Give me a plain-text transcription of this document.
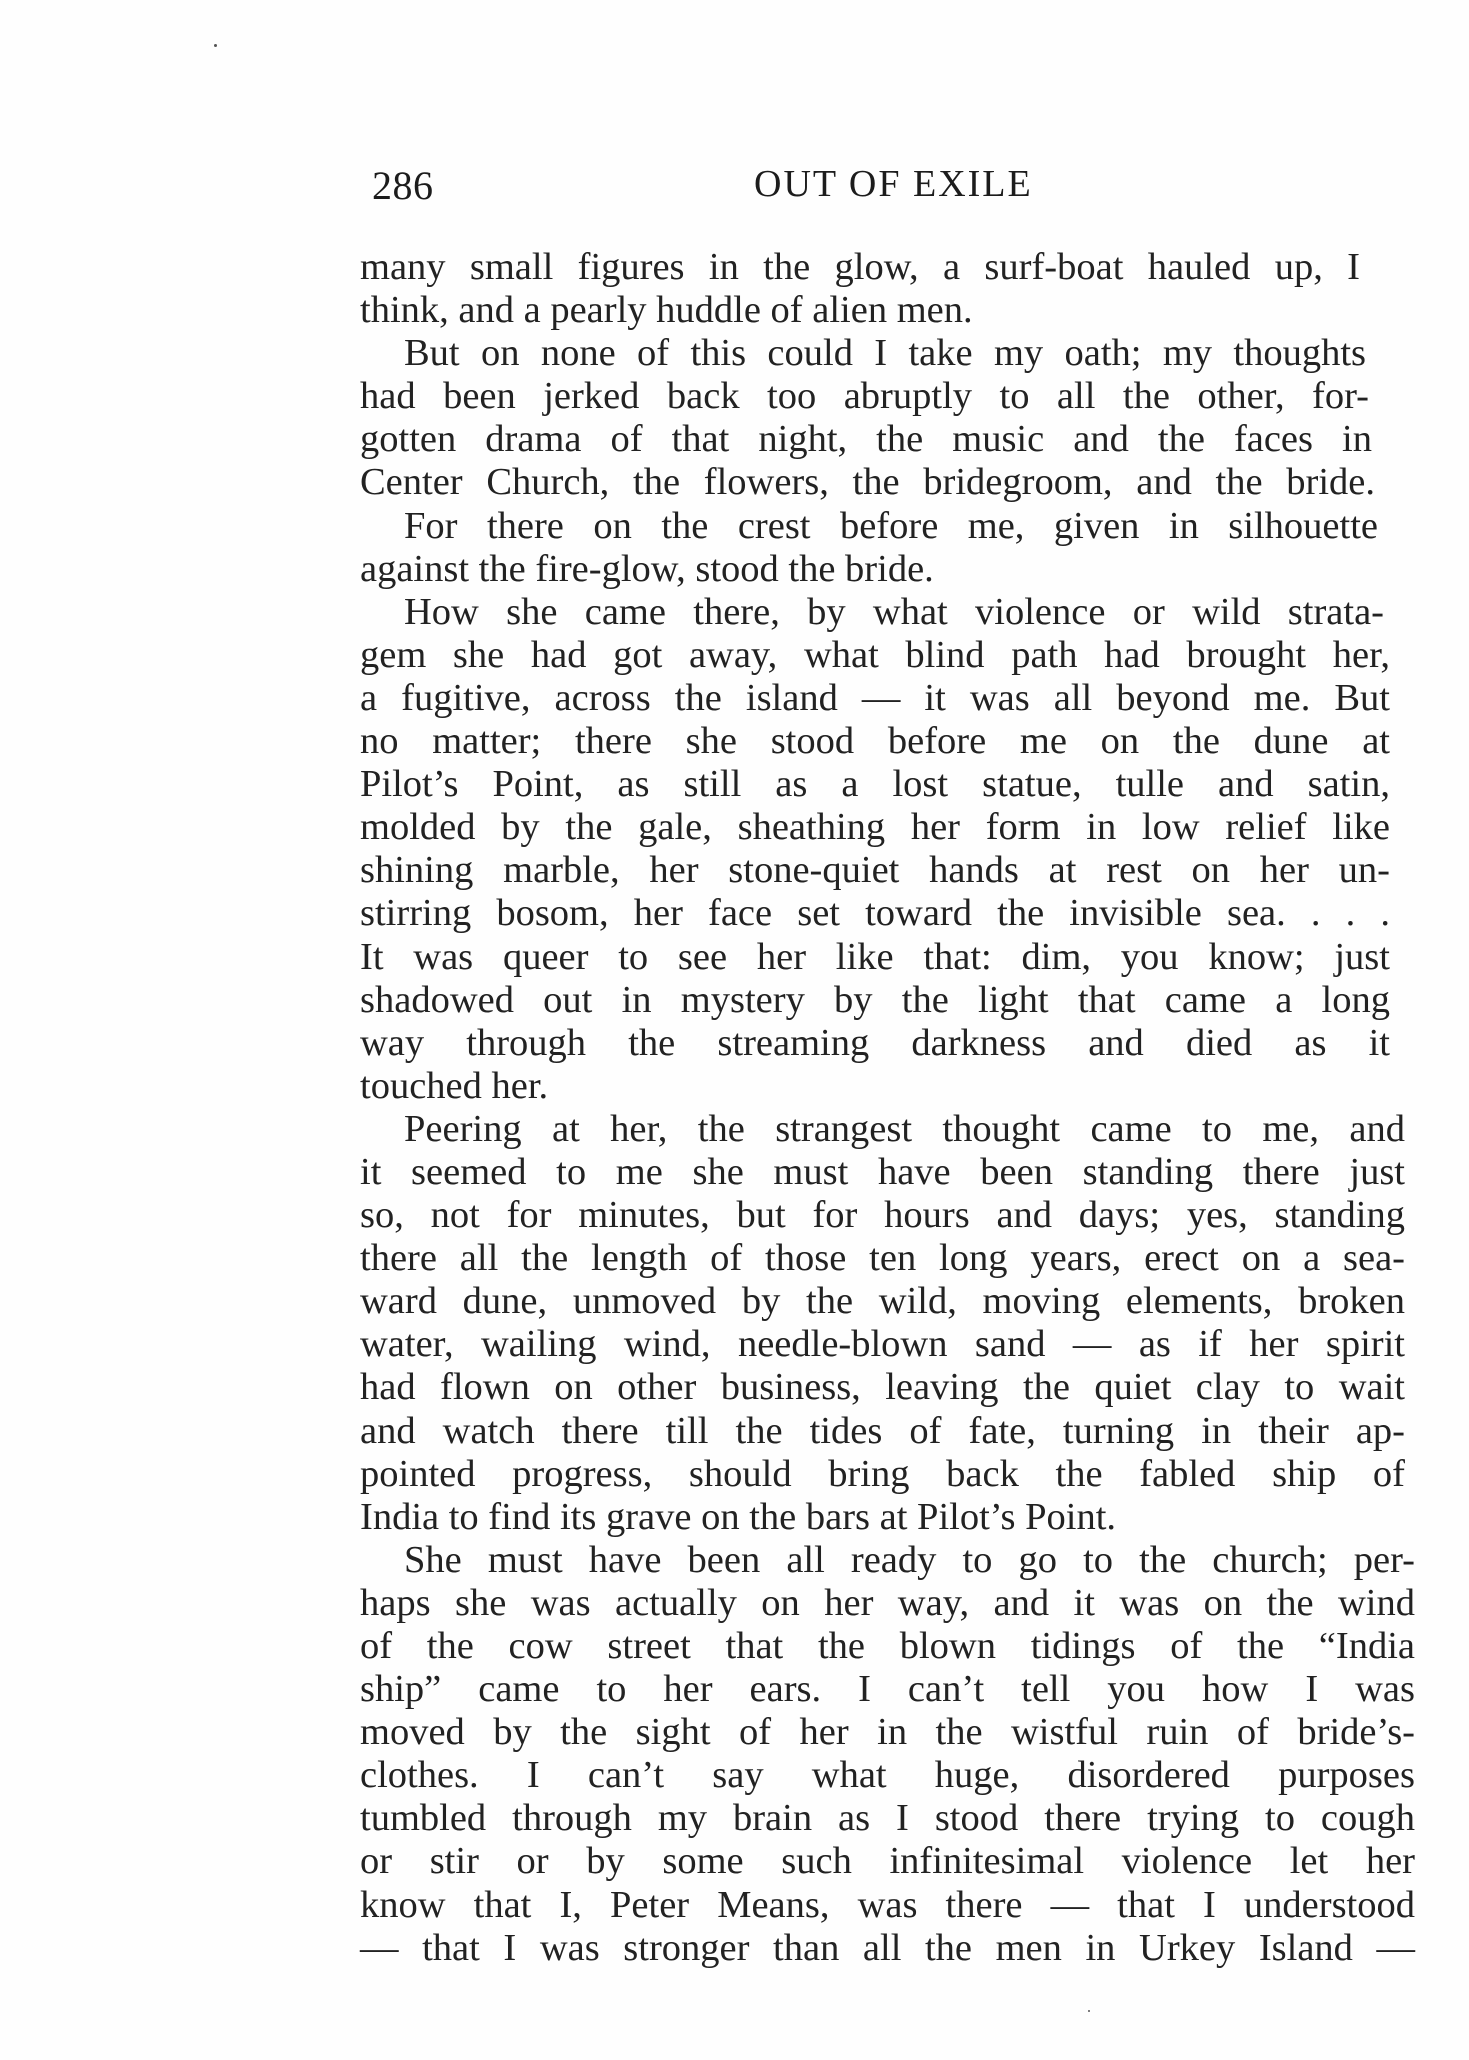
286	OUT OF EXILE
many small figures in the glow, a surf-boat hauled up, I
think, and a pearly huddle of alien men.
But on none of this could I take my oath; my thoughts
had been jerked back too abruptly to all the other, for-
gotten drama of that night, the music and the faces in
Center Church, the flowers, the bridegroom, and the bride.
For there on the crest before me, given in silhouette
against the fire-glow, stood the bride.
How she came there, by what violence or wild strata-
gem she had got away, what blind path had brought her,
a fugitive, across the island — it was all beyond me. But
no matter; there she stood before me on the dune at
Pilot’s Point, as still as a lost statue, tulle and satin,
molded by the gale, sheathing her form in low relief like
shining marble, her stone-quiet hands at rest on her un-
stirring bosom, her face set toward the invisible sea. . . .
It was queer to see her like that: dim, you know; just
shadowed out in mystery by the light that came a long
way through the streaming darkness and died as it
touched her.
Peering at her, the strangest thought came to me, and
it seemed to me she must have been standing there just
so, not for minutes, but for hours and days; yes, standing
there all the length of those ten long years, erect on a sea-
ward dune, unmoved by the wild, moving elements, broken
water, wailing wind, needle-blown sand — as if her spirit
had flown on other business, leaving the quiet clay to wait
and watch there till the tides of fate, turning in their ap-
pointed progress, should bring back the fabled ship of
India to find its grave on the bars at Pilot’s Point.
She must have been all ready to go to the church; per-
haps she was actually on her way, and it was on the wind
of the cow street that the blown tidings of the “India
ship” came to her ears. I can’t tell you how I was
moved by the sight of her in the wistful ruin of bride’s-
clothes. I can’t say what huge, disordered purposes
tumbled through my brain as I stood there trying to cough
or stir or by some such infinitesimal violence let her
know that I, Peter Means, was there — that I understood
— that I was stronger than all the men in Urkey Island —
